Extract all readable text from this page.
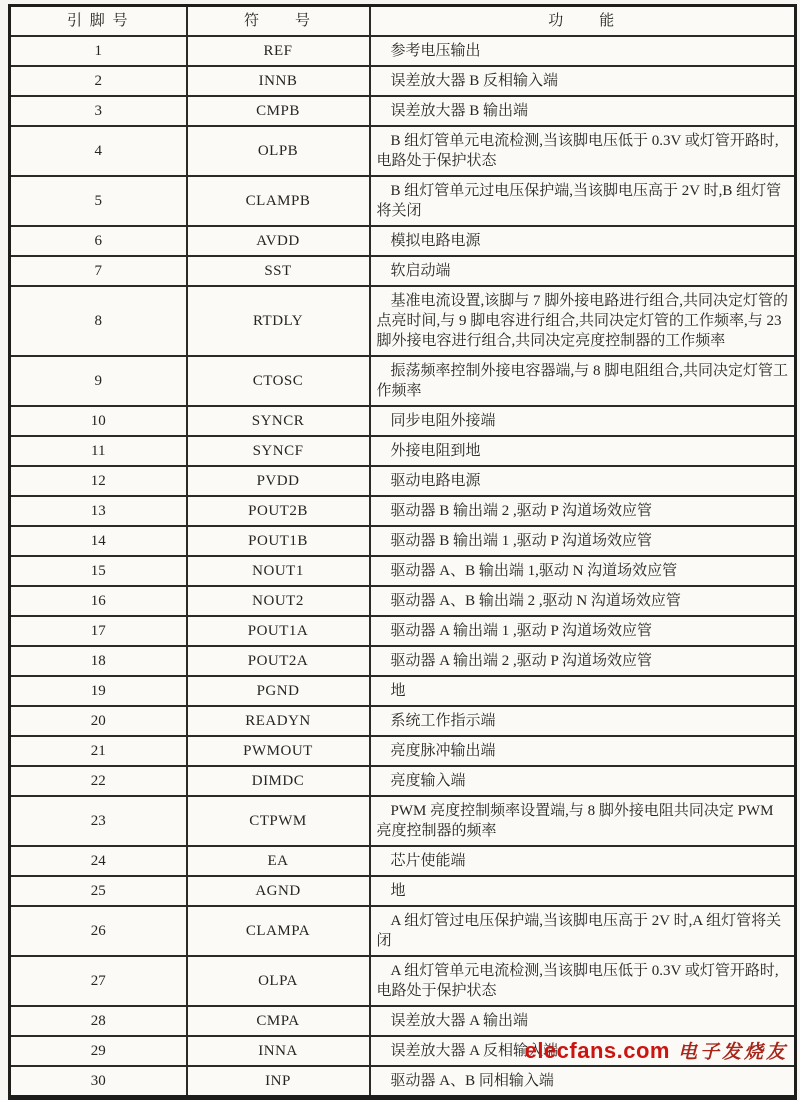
引 脚 号	符　　号	功　　能
1	REF	参考电压输出
2	INNB	误差放大器 B 反相输入端
3	CMPB	误差放大器 B 输出端
4	OLPB	B 组灯管单元电流检测,当该脚电压低于 0.3V 或灯管开路时,电路处于保护状态
5	CLAMPB	B 组灯管单元过电压保护端,当该脚电压高于 2V 时,B 组灯管将关闭
6	AVDD	模拟电路电源
7	SST	软启动端
8	RTDLY	基准电流设置,该脚与 7 脚外接电路进行组合,共同决定灯管的点亮时间,与 9 脚电容进行组合,共同决定灯管的工作频率,与 23 脚外接电容进行组合,共同决定亮度控制器的工作频率
9	CTOSC	振荡频率控制外接电容器端,与 8 脚电阻组合,共同决定灯管工作频率
10	SYNCR	同步电阻外接端
11	SYNCF	外接电阻到地
12	PVDD	驱动电路电源
13	POUT2B	驱动器 B 输出端 2 ,驱动 P 沟道场效应管
14	POUT1B	驱动器 B 输出端 1 ,驱动 P 沟道场效应管
15	NOUT1	驱动器 A、B 输出端 1,驱动 N 沟道场效应管
16	NOUT2	驱动器 A、B 输出端 2 ,驱动 N 沟道场效应管
17	POUT1A	驱动器 A 输出端 1 ,驱动 P 沟道场效应管
18	POUT2A	驱动器 A 输出端 2 ,驱动 P 沟道场效应管
19	PGND	地
20	READYN	系统工作指示端
21	PWMOUT	亮度脉冲输出端
22	DIMDC	亮度输入端
23	CTPWM	PWM 亮度控制频率设置端,与 8 脚外接电阻共同决定 PWM 亮度控制器的频率
24	EA	芯片使能端
25	AGND	地
26	CLAMPA	A 组灯管过电压保护端,当该脚电压高于 2V 时,A 组灯管将关闭
27	OLPA	A 组灯管单元电流检测,当该脚电压低于 0.3V 或灯管开路时,电路处于保护状态
28	CMPA	误差放大器 A 输出端
29	INNA	误差放大器 A 反相输入端
30	INP	驱动器 A、B 同相输入端
elecfans.com 电子发烧友
